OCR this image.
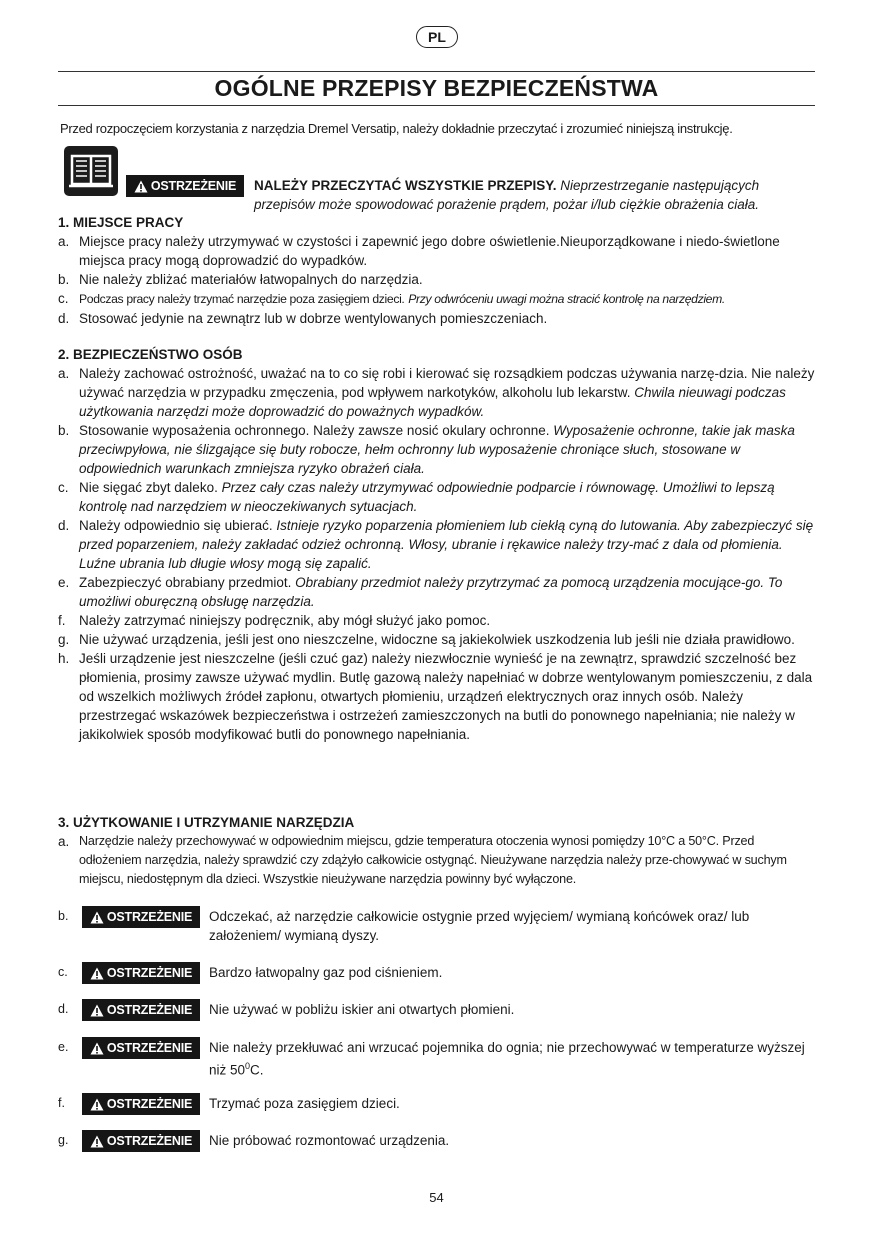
PL
OGÓLNE PRZEPISY BEZPIECZEŃSTWA
Przed rozpoczęciem korzystania z narzędzia Dremel Versatip, należy dokładnie przeczytać i zrozumieć niniejszą instrukcję.
OSTRZEŻENIE NALEŻY PRZECZYTAĆ WSZYSTKIE PRZEPISY. Nieprzestrzeganie następujących przepisów może spowodować porażenie prądem, pożar i/lub ciężkie obrażenia ciała.

1. MIEJSCE PRACY

a. Miejsce pracy należy utrzymywać w czystości i zapewnić jego dobre oświetlenie.Nieuporządkowane i niedo-świetlone miejsca pracy mogą doprowadzić do wypadków.
b. Nie należy zbliżać materiałów łatwopalnych do narzędzia.
c. Podczas pracy należy trzymać narzędzie poza zasięgiem dzieci. Przy odwróceniu uwagi można stracić kontrolę na narzędziem.
d. Stosować jedynie na zewnątrz lub w dobrze wentylowanych pomieszczeniach.

2. BEZPIECZEŃSTWO OSÓB

a. Należy zachować ostrożność, uważać na to co się robi i kierować się rozsądkiem podczas używania narzę-dzia. Nie należy używać narzędzia w przypadku zmęczenia, pod wpływem narkotyków, alkoholu lub lekarstw. Chwila nieuwagi podczas użytkowania narzędzi może doprowadzić do poważnych wypadków.
b. Stosowanie wyposażenia ochronnego. Należy zawsze nosić okulary ochronne. Wyposażenie ochronne, takie jak maska przeciwpyłowa, nie ślizgające się buty robocze, hełm ochronny lub wyposażenie chroniące słuch, stosowane w odpowiednich warunkach zmniejsza ryzyko obrażeń ciała.
c. Nie sięgać zbyt daleko. Przez cały czas należy utrzymywać odpowiednie podparcie i równowagę. Umożliwi to lepszą kontrolę nad narzędziem w nieoczekiwanych sytuacjach.
d. Należy odpowiednio się ubierać. Istnieje ryzyko poparzenia płomieniem lub ciekłą cyną do lutowania. Aby zabezpieczyć się przed poparzeniem, należy zakładać odzież ochronną. Włosy, ubranie i rękawice należy trzy-mać z dala od płomienia. Luźne ubrania lub długie włosy mogą się zapalić.
e. Zabezpieczyć obrabiany przedmiot. Obrabiany przedmiot należy przytrzymać za pomocą urządzenia mocujące-go. To umożliwi oburęczną obsługę narzędzia.
f. Należy zatrzymać niniejszy podręcznik, aby mógł służyć jako pomoc.
g. Nie używać urządzenia, jeśli jest ono nieszczelne, widoczne są jakiekolwiek uszkodzenia lub jeśli nie działa prawidłowo.
h. Jeśli urządzenie jest nieszczelne (jeśli czuć gaz) należy niezwłocznie wynieść je na zewnątrz, sprawdzić szczelność bez płomienia, prosimy zawsze używać mydlin. Butlę gazową należy napełniać w dobrze wentylowanym pomieszczeniu, z dala od wszelkich możliwych źródeł zapłonu, otwartych płomieniu, urządzeń elektrycznych oraz innych osób. Należy przestrzegać wskazówek bezpieczeństwa i ostrzeżeń zamieszczonych na butli do ponownego napełniania; nie należy w jakikolwiek sposób modyfikować butli do ponownego napełniania.

3. UŻYTKOWANIE I UTRZYMANIE NARZĘDZIA

a. Narzędzie należy przechowywać w odpowiednim miejscu, gdzie temperatura otoczenia wynosi pomiędzy 10°C a 50°C. Przed odłożeniem narzędzia, należy sprawdzić czy zdążyło całkowicie ostygnąć. Nieużywane narzędzia należy prze-chowywać w suchym miejscu, niedostępnym dla dzieci. Wszystkie nieużywane narzędzia powinny być wyłączone.
b.	OSTRZEŻENIE Odczekać, aż narzędzie całkowicie ostygnie przed wyjęciem/ wymianą końcówek oraz/ lub założeniem/ wymianą dyszy.
c.	OSTRZEŻENIE Bardzo łatwopalny gaz pod ciśnieniem.
d.	OSTRZEŻENIE Nie używać w pobliżu iskier ani otwartych płomieni.
e.	OSTRZEŻENIE Nie należy przekłuwać ani wrzucać pojemnika do ognia; nie przechowywać w temperaturze wyższej niż $50^0C$.
f.	OSTRZEŻENIE Trzymać poza zasięgiem dzieci.
g.	OSTRZEŻENIE Nie próbować rozmontować urządzenia.
54
